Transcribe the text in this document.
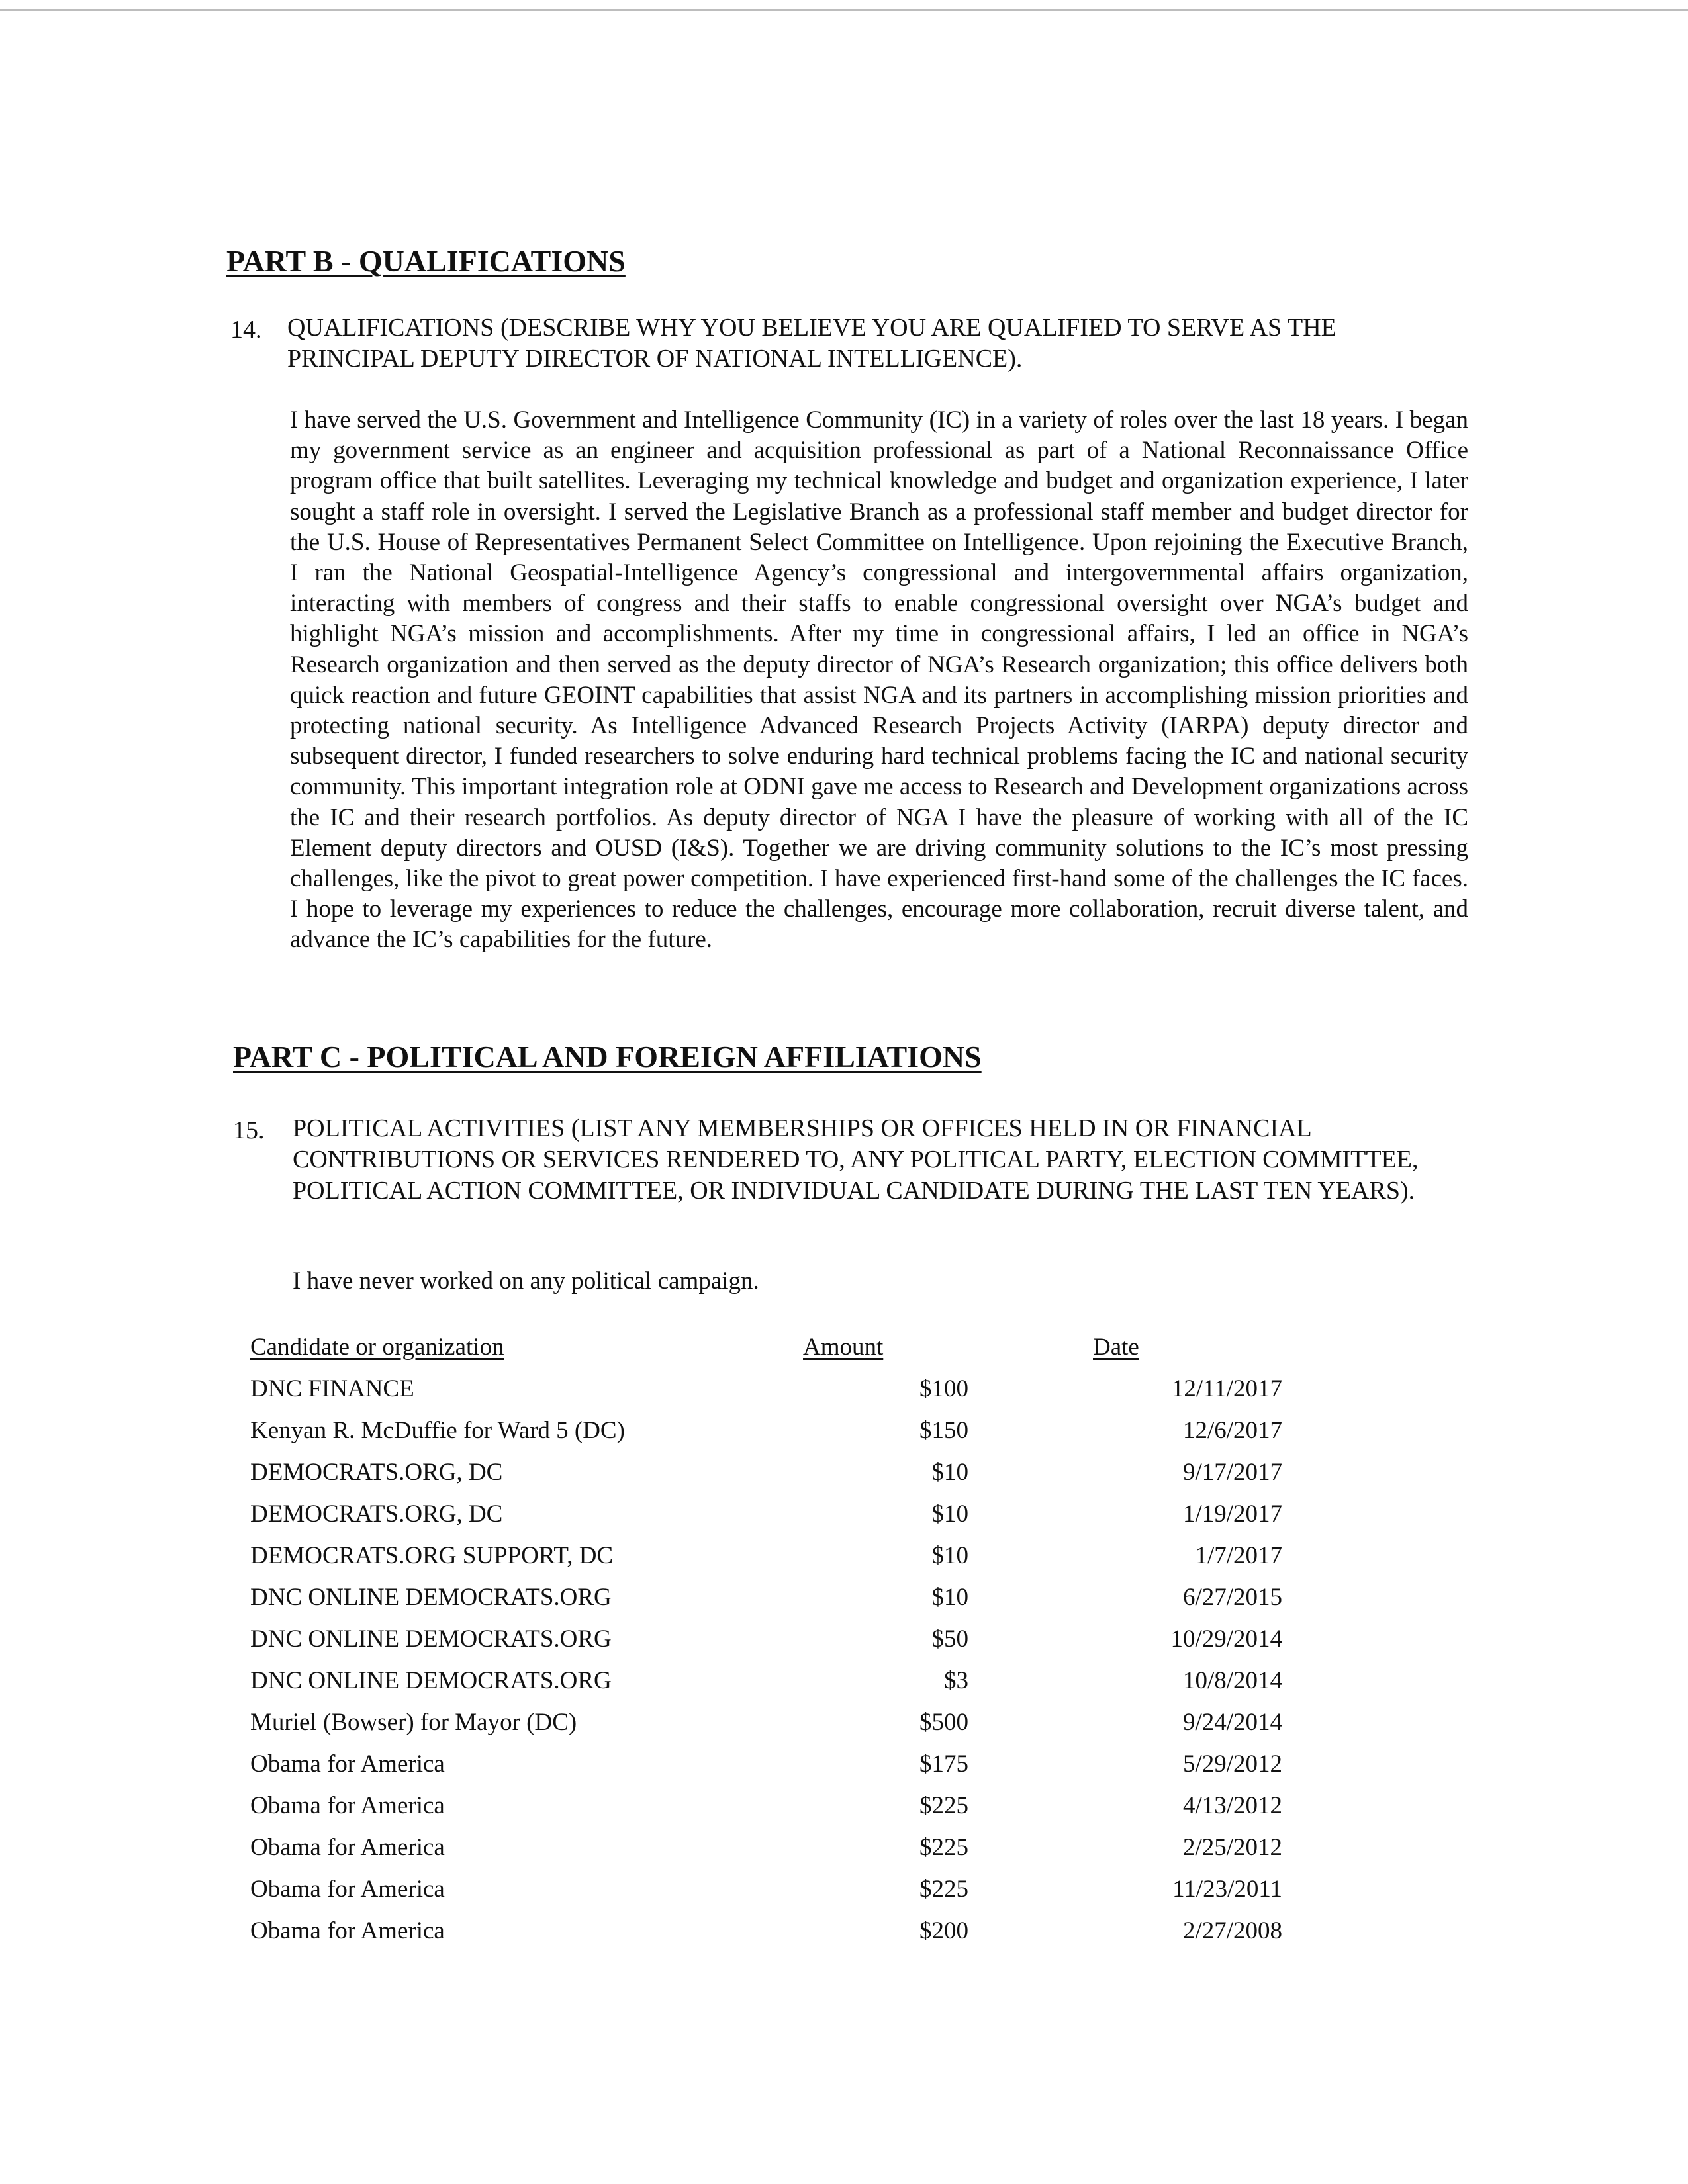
PART B - QUALIFICATIONS
14. QUALIFICATIONS (DESCRIBE WHY YOU BELIEVE YOU ARE QUALIFIED TO SERVE AS THE PRINCIPAL DEPUTY DIRECTOR OF NATIONAL INTELLIGENCE).
I have served the U.S. Government and Intelligence Community (IC) in a variety of roles over the last 18 years. I began my government service as an engineer and acquisition professional as part of a National Reconnaissance Office program office that built satellites. Leveraging my technical knowledge and budget and organization experience, I later sought a staff role in oversight. I served the Legislative Branch as a professional staff member and budget director for the U.S. House of Representatives Permanent Select Committee on Intelligence. Upon rejoining the Executive Branch, I ran the National Geospatial-Intelligence Agency’s congressional and intergovernmental affairs organization, interacting with members of congress and their staffs to enable congressional oversight over NGA’s budget and highlight NGA’s mission and accomplishments. After my time in congressional affairs, I led an office in NGA’s Research organization and then served as the deputy director of NGA’s Research organization; this office delivers both quick reaction and future GEOINT capabilities that assist NGA and its partners in accomplishing mission priorities and protecting national security. As Intelligence Advanced Research Projects Activity (IARPA) deputy director and subsequent director, I funded researchers to solve enduring hard technical problems facing the IC and national security community. This important integration role at ODNI gave me access to Research and Development organizations across the IC and their research portfolios. As deputy director of NGA I have the pleasure of working with all of the IC Element deputy directors and OUSD (I&S). Together we are driving community solutions to the IC’s most pressing challenges, like the pivot to great power competition. I have experienced first-hand some of the challenges the IC faces. I hope to leverage my experiences to reduce the challenges, encourage more collaboration, recruit diverse talent, and advance the IC’s capabilities for the future.
PART C - POLITICAL AND FOREIGN AFFILIATIONS
15. POLITICAL ACTIVITIES (LIST ANY MEMBERSHIPS OR OFFICES HELD IN OR FINANCIAL CONTRIBUTIONS OR SERVICES RENDERED TO, ANY POLITICAL PARTY, ELECTION COMMITTEE, POLITICAL ACTION COMMITTEE, OR INDIVIDUAL CANDIDATE DURING THE LAST TEN YEARS).
I have never worked on any political campaign.
Candidate or organization	Amount	Date
DNC FINANCE	$100	12/11/2017
Kenyan R. McDuffie for Ward 5 (DC)	$150	12/6/2017
DEMOCRATS.ORG, DC	$10	9/17/2017
DEMOCRATS.ORG, DC	$10	1/19/2017
DEMOCRATS.ORG SUPPORT, DC	$10	1/7/2017
DNC ONLINE DEMOCRATS.ORG	$10	6/27/2015
DNC ONLINE DEMOCRATS.ORG	$50	10/29/2014
DNC ONLINE DEMOCRATS.ORG	$3	10/8/2014
Muriel (Bowser) for Mayor (DC)	$500	9/24/2014
Obama for America	$175	5/29/2012
Obama for America	$225	4/13/2012
Obama for America	$225	2/25/2012
Obama for America	$225	11/23/2011
Obama for America	$200	2/27/2008
